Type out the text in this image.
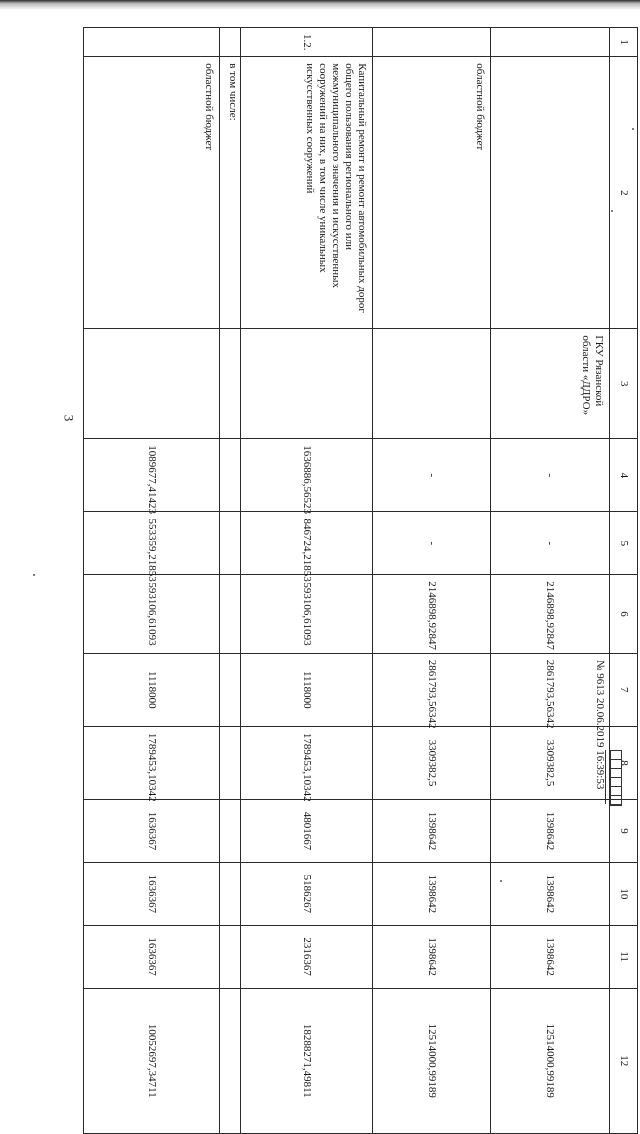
3
1	2	3	4	5	6	7	8	9	10	11	12
		ГКУ Рязанской области «ДДРО»	-	-	2146898,92847	2861793,56342	3309382,5	1398642	1398642	1398642	12514000,99189
	областной бюджет		-	-	2146898,92847	2861793,56342	3309382,5	1398642	1398642	1398642	12514000,99189
1.2.	Капитальный ремонт и ремонт автомобильных дорог общего пользования регионального или межмуниципального значения и искусственных сооружений на них, в том числе уникальных искусственных сооружений		1636886,56523	846724,21853	593106,61093	1118000	1789453,10342	4801667	5186267	2316367	18288271,49811
	в том числе:										
	областной бюджет		1089677,41423	553359,21853	593106,61093	1118000	1789453,10342	1636367	1636367	1636367	10052697,34711
№ 9613 20.06.2019 16:39:53
